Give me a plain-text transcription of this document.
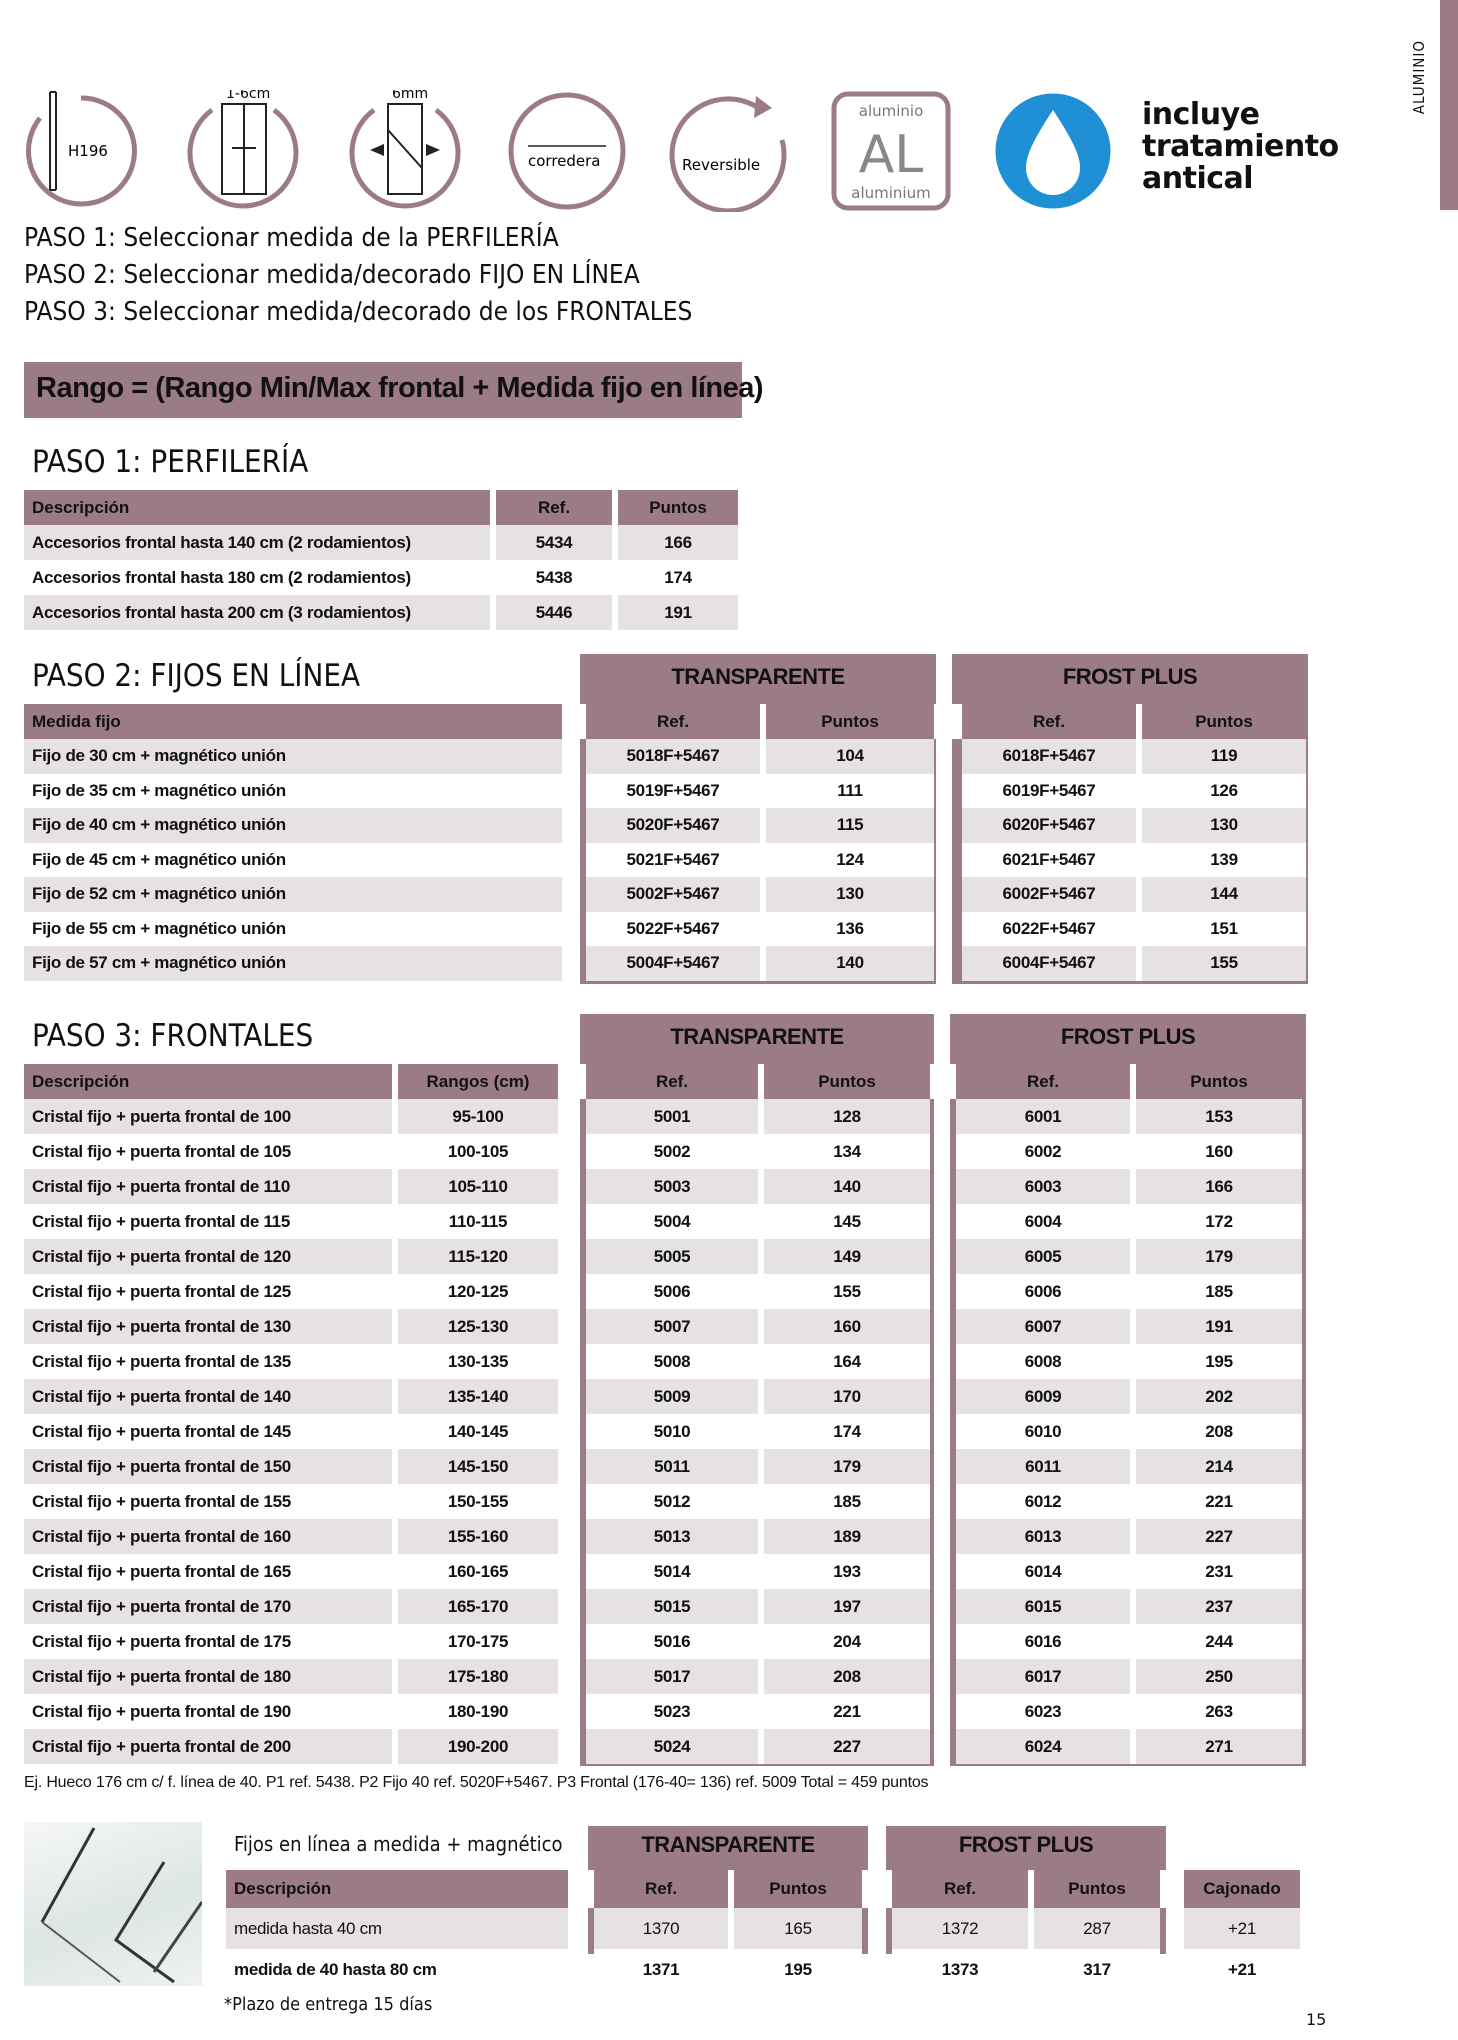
ALUMINIO
H196
1-6cm	6mm
corredera	Reversible
aluminio
AL
aluminium
incluye
tratamiento
antical
PASO 1: Seleccionar medida de la PERFILERÍA
PASO 2: Seleccionar medida/decorado FIJO EN LÍNEA
PASO 3: Seleccionar medida/decorado de los FRONTALES
Rango = (Rango Min/Max frontal + Medida fijo en línea)
PASO 1: PERFILERÍA
Descripción	Ref.	Puntos
Accesorios frontal hasta 140 cm (2 rodamientos)	5434	166
Accesorios frontal hasta 180 cm (2 rodamientos)	5438	174
Accesorios frontal hasta 200 cm (3 rodamientos)	5446	191
PASO 2: FIJOS EN LÍNEA	TRANSPARENTE	FROST PLUS
Medida fijo		Ref.	Puntos		Ref.	Puntos
Fijo de 30 cm + magnético unión		5018F+5467	104		6018F+5467	119
Fijo de 35 cm + magnético unión		5019F+5467	111		6019F+5467	126
Fijo de 40 cm + magnético unión		5020F+5467	115		6020F+5467	130
Fijo de 45 cm + magnético unión		5021F+5467	124		6021F+5467	139
Fijo de 52 cm + magnético unión		5002F+5467	130		6002F+5467	144
Fijo de 55 cm + magnético unión		5022F+5467	136		6022F+5467	151
Fijo de 57 cm + magnético unión		5004F+5467	140		6004F+5467	155
PASO 3: FRONTALES	TRANSPARENTE	FROST PLUS
Descripción	Rangos (cm)		Ref.	Puntos		Ref.	Puntos
Cristal fijo + puerta frontal de 100	95-100		5001	128		6001	153
Cristal fijo + puerta frontal de 105	100-105		5002	134		6002	160
Cristal fijo + puerta frontal de 110	105-110		5003	140		6003	166
Cristal fijo + puerta frontal de 115	110-115		5004	145		6004	172
Cristal fijo + puerta frontal de 120	115-120		5005	149		6005	179
Cristal fijo + puerta frontal de 125	120-125		5006	155		6006	185
Cristal fijo + puerta frontal de 130	125-130		5007	160		6007	191
Cristal fijo + puerta frontal de 135	130-135		5008	164		6008	195
Cristal fijo + puerta frontal de 140	135-140		5009	170		6009	202
Cristal fijo + puerta frontal de 145	140-145		5010	174		6010	208
Cristal fijo + puerta frontal de 150	145-150		5011	179		6011	214
Cristal fijo + puerta frontal de 155	150-155		5012	185		6012	221
Cristal fijo + puerta frontal de 160	155-160		5013	189		6013	227
Cristal fijo + puerta frontal de 165	160-165		5014	193		6014	231
Cristal fijo + puerta frontal de 170	165-170		5015	197		6015	237
Cristal fijo + puerta frontal de 175	170-175		5016	204		6016	244
Cristal fijo + puerta frontal de 180	175-180		5017	208		6017	250
Cristal fijo + puerta frontal de 190	180-190		5023	221		6023	263
Cristal fijo + puerta frontal de 200	190-200		5024	227		6024	271
Ej. Hueco 176 cm c/ f. línea de 40. P1 ref. 5438. P2 Fijo 40 ref. 5020F+5467. P3 Frontal (176-40= 136) ref. 5009 Total = 459 puntos
Fijos en línea a medida + magnético	TRANSPARENTE	FROST PLUS
Descripción		Ref.	Puntos		Ref.	Puntos		Cajonado
medida hasta 40 cm		1370	165		1372	287		+21
medida de 40 hasta 80 cm		1371	195		1373	317		+21
*Plazo de entrega 15 días
15
